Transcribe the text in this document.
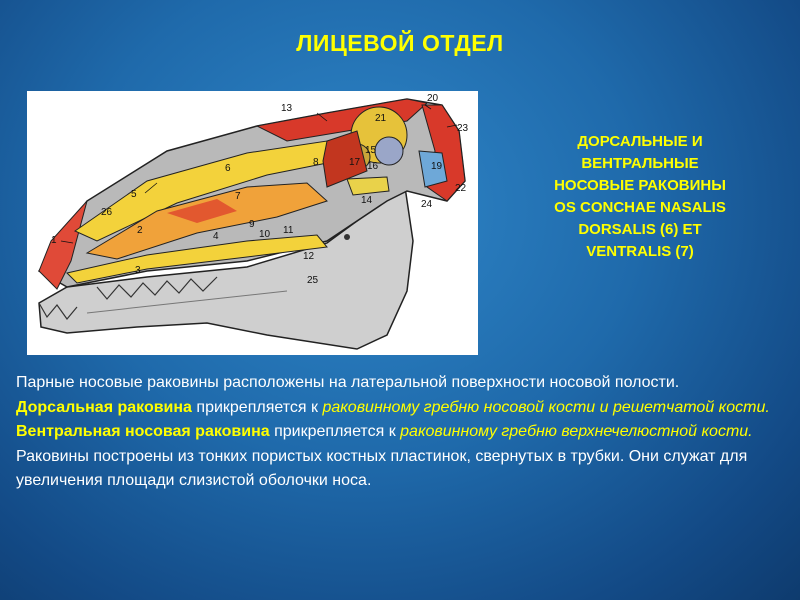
ЛИЦЕВОЙ ОТДЕЛ
1
2
3
4
5
6
7
8
9
10 11
12
13
14
15
16
17	19
20
21
22
23
24
25
26
ДОРСАЛЬНЫЕ И
ВЕНТРАЛЬНЫЕ
НОСОВЫЕ РАКОВИНЫ
OS CONCHAE NASALIS
DORSALIS (6) ET
VENTRALIS (7)

Парные носовые раковины расположены на латеральной поверхности носовой полости.

Дорсальная раковина прикрепляется к раковинному гребню носовой кости и решетчатой кости.

Вентральная носовая раковина прикрепляется к раковинному гребню верхнечелюстной кости.

Раковины построены из тонких пористых костных пластинок, свернутых в трубки. Они служат для увеличения площади слизистой оболочки носа.
